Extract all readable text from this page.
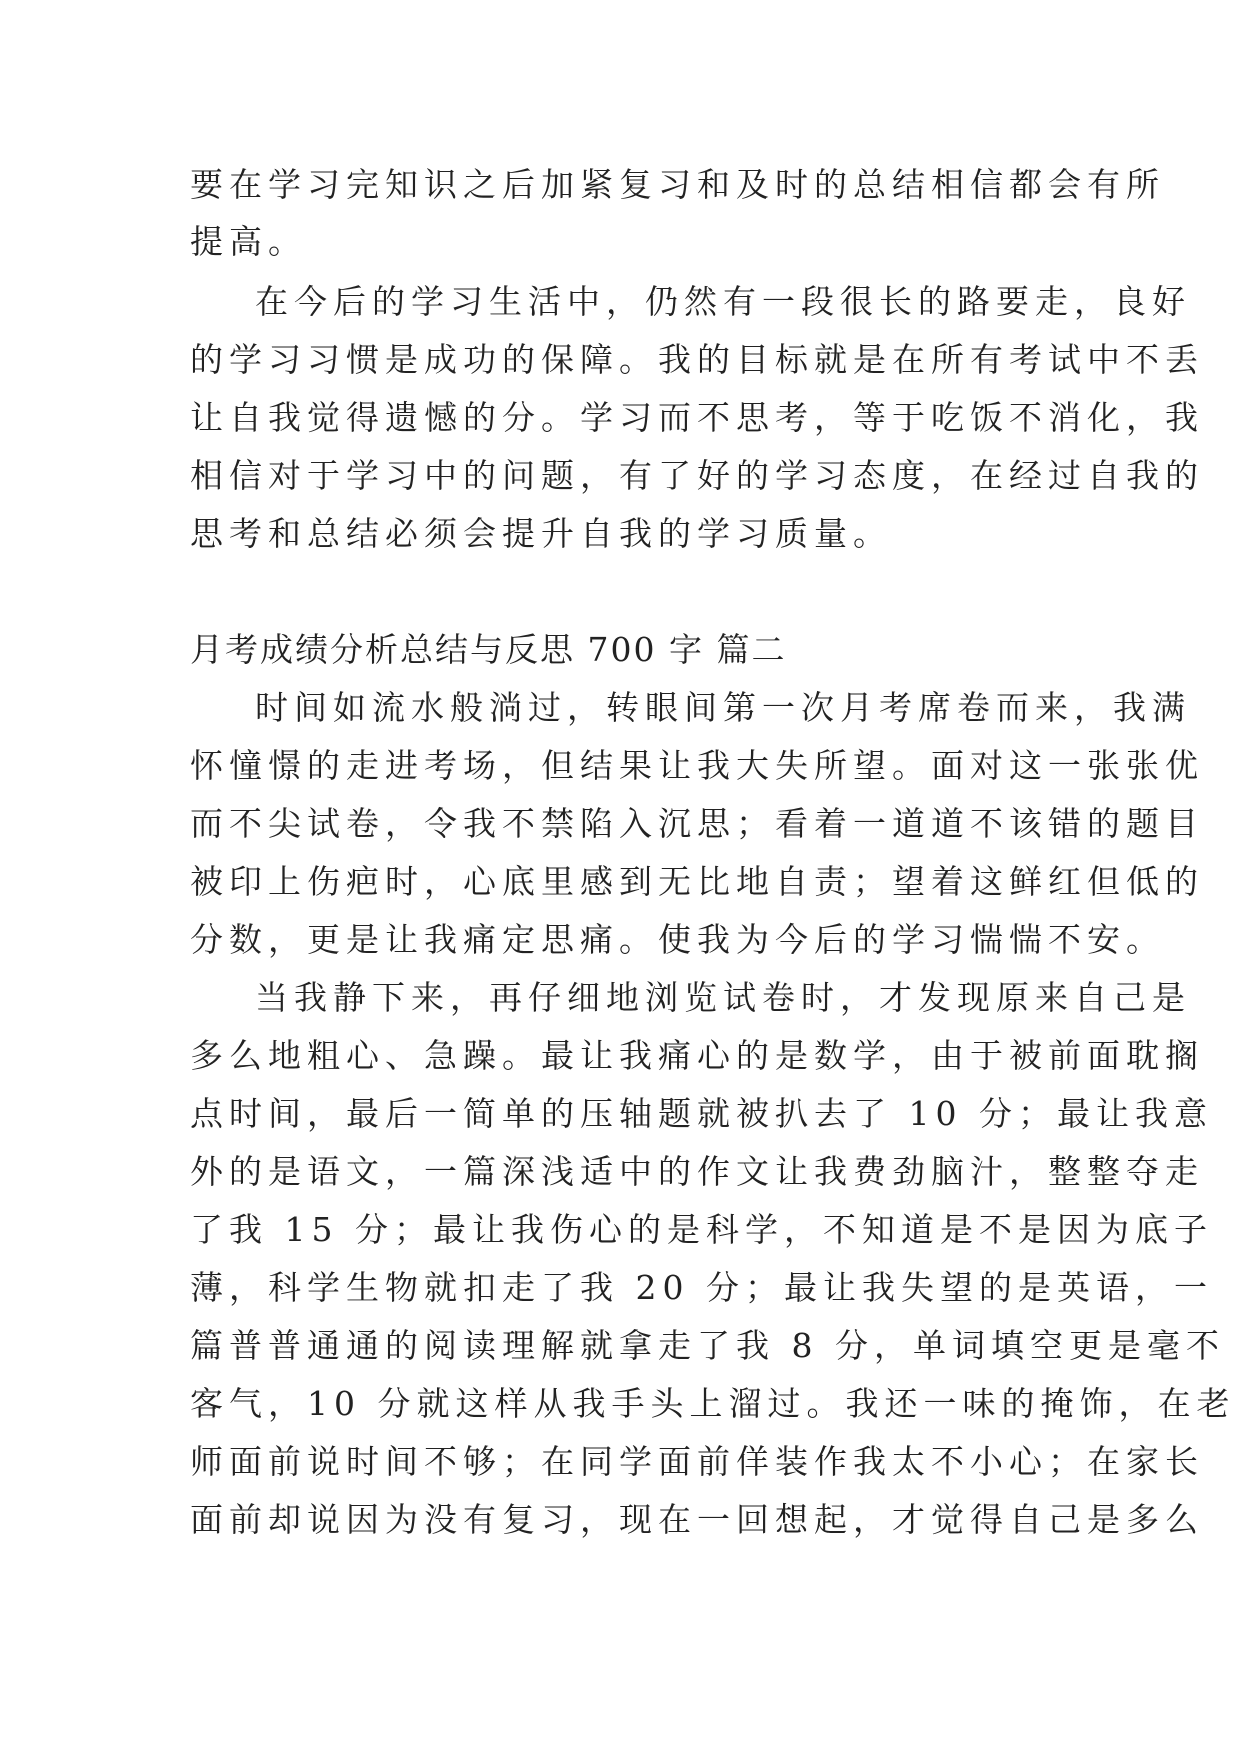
要在学习完知识之后加紧复习和及时的总结相信都会有所
提高。
在今后的学习生活中，仍然有一段很长的路要走，良好
的学习习惯是成功的保障。我的目标就是在所有考试中不丢
让自我觉得遗憾的分。学习而不思考，等于吃饭不消化，我
相信对于学习中的问题，有了好的学习态度，在经过自我的
思考和总结必须会提升自我的学习质量。
月考成绩分析总结与反思 700 字 篇二
时间如流水般淌过，转眼间第一次月考席卷而来，我满
怀憧憬的走进考场，但结果让我大失所望。面对这一张张优
而不尖试卷，令我不禁陷入沉思；看着一道道不该错的题目
被印上伤疤时，心底里感到无比地自责；望着这鲜红但低的
分数，更是让我痛定思痛。使我为今后的学习惴惴不安。
当我静下来，再仔细地浏览试卷时，才发现原来自己是
多么地粗心、急躁。最让我痛心的是数学，由于被前面耽搁
点时间，最后一简单的压轴题就被扒去了 10 分；最让我意
外的是语文，一篇深浅适中的作文让我费劲脑汁，整整夺走
了我 15 分；最让我伤心的是科学，不知道是不是因为底子
薄，科学生物就扣走了我 20 分；最让我失望的是英语，一
篇普普通通的阅读理解就拿走了我 8 分，单词填空更是毫不
客气，10 分就这样从我手头上溜过。我还一味的掩饰，在老
师面前说时间不够；在同学面前佯装作我太不小心；在家长
面前却说因为没有复习，现在一回想起，才觉得自己是多么
